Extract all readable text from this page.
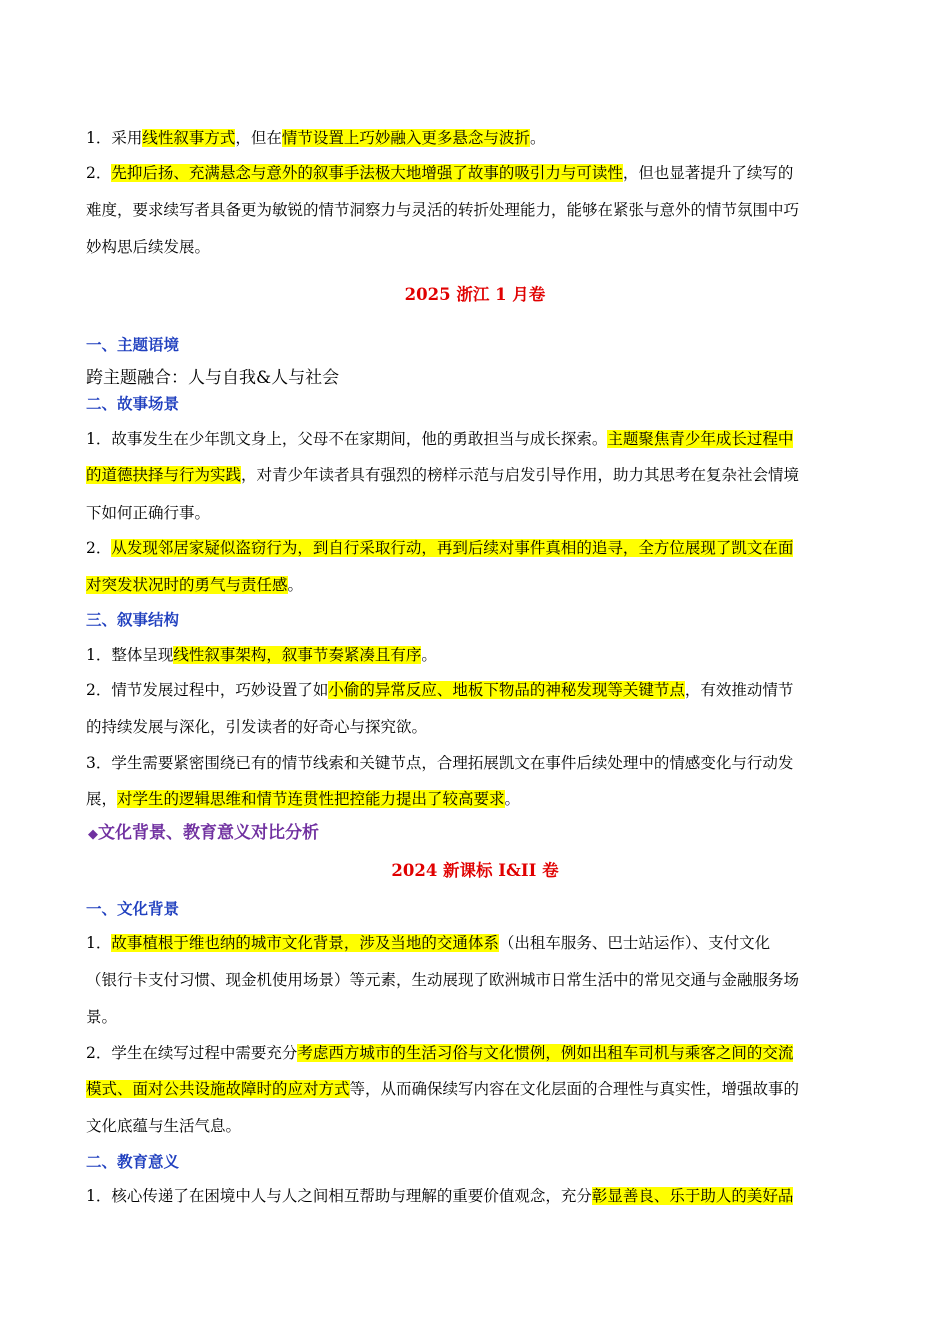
1．采用线性叙事方式，但在情节设置上巧妙融入更多悬念与波折。
2．先抑后扬、充满悬念与意外的叙事手法极大地增强了故事的吸引力与可读性，但也显著提升了续写的
难度，要求续写者具备更为敏锐的情节洞察力与灵活的转折处理能力，能够在紧张与意外的情节氛围中巧
妙构思后续发展。
2025 浙江 1 月卷
一、主题语境
跨主题融合：人与自我&人与社会
二、故事场景
1．故事发生在少年凯文身上，父母不在家期间，他的勇敢担当与成长探索。主题聚焦青少年成长过程中
的道德抉择与行为实践，对青少年读者具有强烈的榜样示范与启发引导作用，助力其思考在复杂社会情境
下如何正确行事。
2．从发现邻居家疑似盗窃行为，到自行采取行动，再到后续对事件真相的追寻，全方位展现了凯文在面
对突发状况时的勇气与责任感。
三、叙事结构
1．整体呈现线性叙事架构，叙事节奏紧凑且有序。
2．情节发展过程中，巧妙设置了如小偷的异常反应、地板下物品的神秘发现等关键节点，有效推动情节
的持续发展与深化，引发读者的好奇心与探究欲。
3．学生需要紧密围绕已有的情节线索和关键节点，合理拓展凯文在事件后续处理中的情感变化与行动发
展，对学生的逻辑思维和情节连贯性把控能力提出了较高要求。
◆文化背景、教育意义对比分析
2024 新课标 I&II 卷
一、文化背景
1．故事植根于维也纳的城市文化背景，涉及当地的交通体系（出租车服务、巴士站运作）、支付文化
（银行卡支付习惯、现金机使用场景）等元素，生动展现了欧洲城市日常生活中的常见交通与金融服务场
景。
2．学生在续写过程中需要充分考虑西方城市的生活习俗与文化惯例，例如出租车司机与乘客之间的交流
模式、面对公共设施故障时的应对方式等，从而确保续写内容在文化层面的合理性与真实性，增强故事的
文化底蕴与生活气息。
二、教育意义
1．核心传递了在困境中人与人之间相互帮助与理解的重要价值观念，充分彰显善良、乐于助人的美好品
